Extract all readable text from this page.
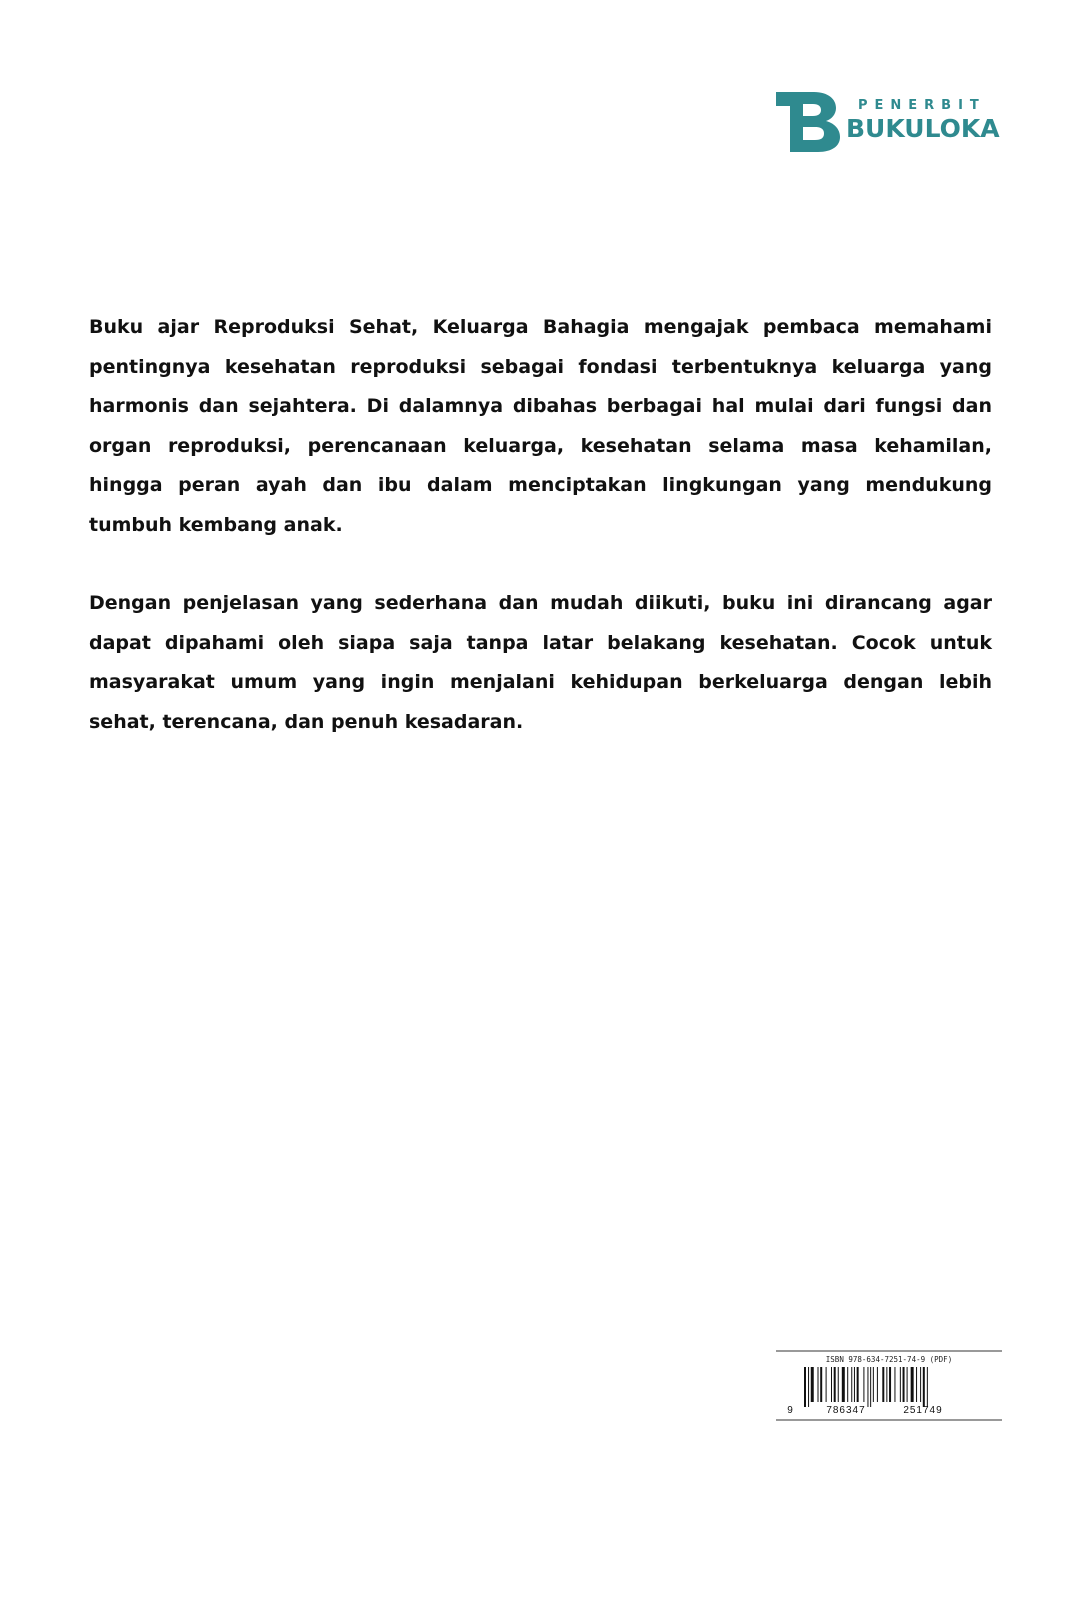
PENERBIT
BUKULOKA

Buku ajar Reproduksi Sehat, Keluarga Bahagia mengajak pembaca memahami pentingnya kesehatan reproduksi sebagai fondasi terbentuknya keluarga yang harmonis dan sejahtera. Di dalamnya dibahas berbagai hal mulai dari fungsi dan organ reproduksi, perencanaan keluarga, kesehatan selama masa kehamilan, hingga peran ayah dan ibu dalam menciptakan lingkungan yang mendukung tumbuh kembang anak.

Dengan penjelasan yang sederhana dan mudah diikuti, buku ini dirancang agar dapat dipahami oleh siapa saja tanpa latar belakang kesehatan. Cocok untuk masyarakat umum yang ingin menjalani kehidupan berkeluarga dengan lebih sehat, terencana, dan penuh kesadaran.

ISBN 978-634-7251-74-9 (PDF)
9	786347	251749
